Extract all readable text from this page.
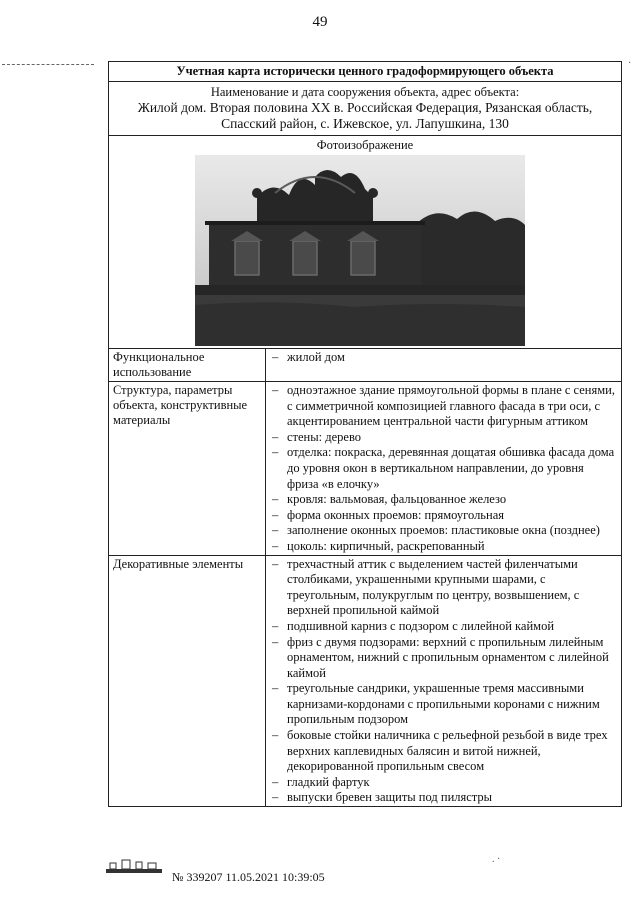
49
·
Учетная карта исторически ценного градоформирующего объекта
Наименование и дата сооружения объекта, адрес объекта:
Жилой дом. Вторая половина XX в. Российская Федерация, Рязанская область,
Спасский район, с. Ижевское, ул. Лапушкина, 130
Фотоизображение
Функциональное использование
– жилой дом
Структура, параметры объекта, конструктивные материалы
– одноэтажное здание прямоугольной формы в плане с сенями, с симметричной композицией главного фасада в три оси, с акцентированием центральной части фигурным аттиком
– стены: дерево
– отделка: покраска, деревянная дощатая обшивка фасада дома до уровня окон в вертикальном направлении, до уровня фриза «в елочку»
– кровля: вальмовая, фальцованное железо
– форма оконных проемов: прямоугольная
– заполнение оконных проемов: пластиковые окна (позднее)
– цоколь: кирпичный, раскрепованный
Декоративные элементы	– трехчастный аттик с выделением частей филенчатыми столбиками, украшенными крупными шарами, с треугольным, полукруглым по центру, возвышением, с верхней пропильной каймой
– подшивной карниз с подзором с лилейной каймой
– фриз с двумя подзорами: верхний с пропильным лилейным орнаментом, нижний с пропильным орнаментом с лилейной каймой
– треугольные сандрики, украшенные тремя массивными карнизами-кордонами с пропильными коронами с нижним пропильным подзором
– боковые стойки наличника с рельефной резьбой в виде трех верхних каплевидных балясин и витой нижней, декорированной пропильным свесом
– гладкий фартук
– выпуски бревен защиты под пилястры
№ 339207 11.05.2021 10:39:05
. ·
